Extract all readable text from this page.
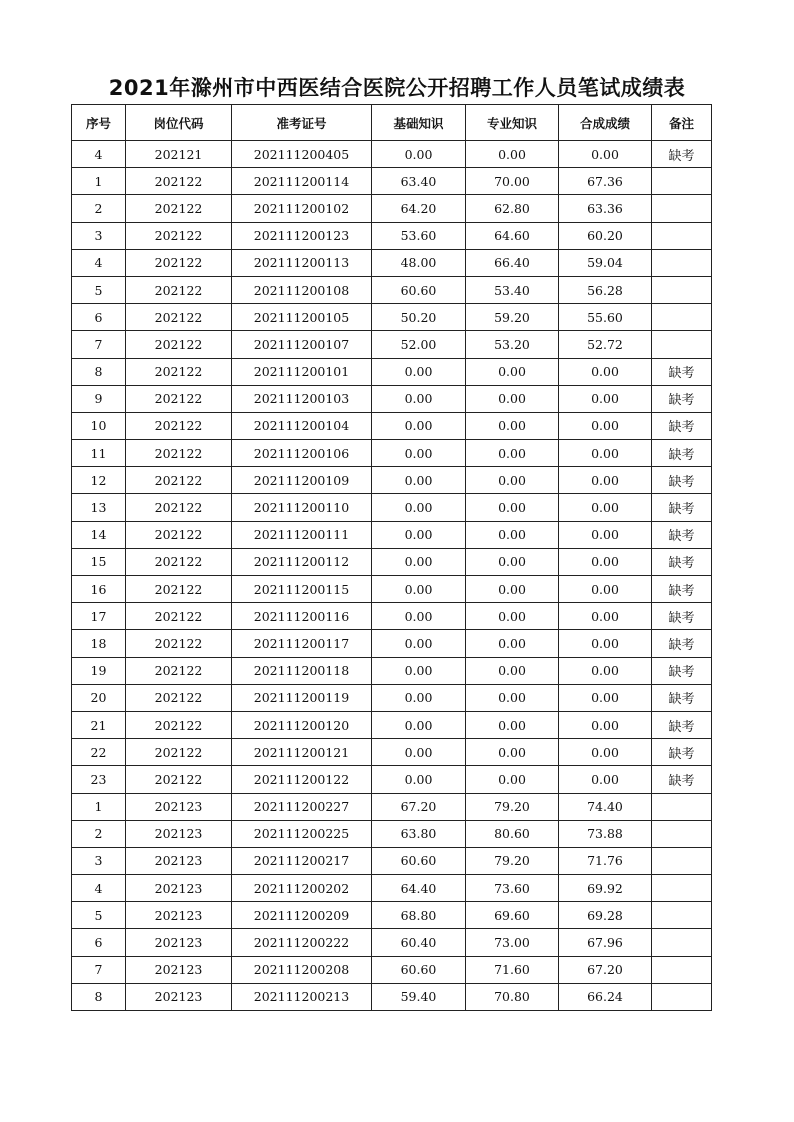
2021年滁州市中西医结合医院公开招聘工作人员笔试成绩表
序号	岗位代码	准考证号	基础知识	专业知识	合成成绩	备注
4	202121	202111200405	0.00	0.00	0.00	缺考
1	202122	202111200114	63.40	70.00	67.36	
2	202122	202111200102	64.20	62.80	63.36	
3	202122	202111200123	53.60	64.60	60.20	
4	202122	202111200113	48.00	66.40	59.04	
5	202122	202111200108	60.60	53.40	56.28	
6	202122	202111200105	50.20	59.20	55.60	
7	202122	202111200107	52.00	53.20	52.72	
8	202122	202111200101	0.00	0.00	0.00	缺考
9	202122	202111200103	0.00	0.00	0.00	缺考
10	202122	202111200104	0.00	0.00	0.00	缺考
11	202122	202111200106	0.00	0.00	0.00	缺考
12	202122	202111200109	0.00	0.00	0.00	缺考
13	202122	202111200110	0.00	0.00	0.00	缺考
14	202122	202111200111	0.00	0.00	0.00	缺考
15	202122	202111200112	0.00	0.00	0.00	缺考
16	202122	202111200115	0.00	0.00	0.00	缺考
17	202122	202111200116	0.00	0.00	0.00	缺考
18	202122	202111200117	0.00	0.00	0.00	缺考
19	202122	202111200118	0.00	0.00	0.00	缺考
20	202122	202111200119	0.00	0.00	0.00	缺考
21	202122	202111200120	0.00	0.00	0.00	缺考
22	202122	202111200121	0.00	0.00	0.00	缺考
23	202122	202111200122	0.00	0.00	0.00	缺考
1	202123	202111200227	67.20	79.20	74.40	
2	202123	202111200225	63.80	80.60	73.88	
3	202123	202111200217	60.60	79.20	71.76	
4	202123	202111200202	64.40	73.60	69.92	
5	202123	202111200209	68.80	69.60	69.28	
6	202123	202111200222	60.40	73.00	67.96	
7	202123	202111200208	60.60	71.60	67.20	
8	202123	202111200213	59.40	70.80	66.24	
